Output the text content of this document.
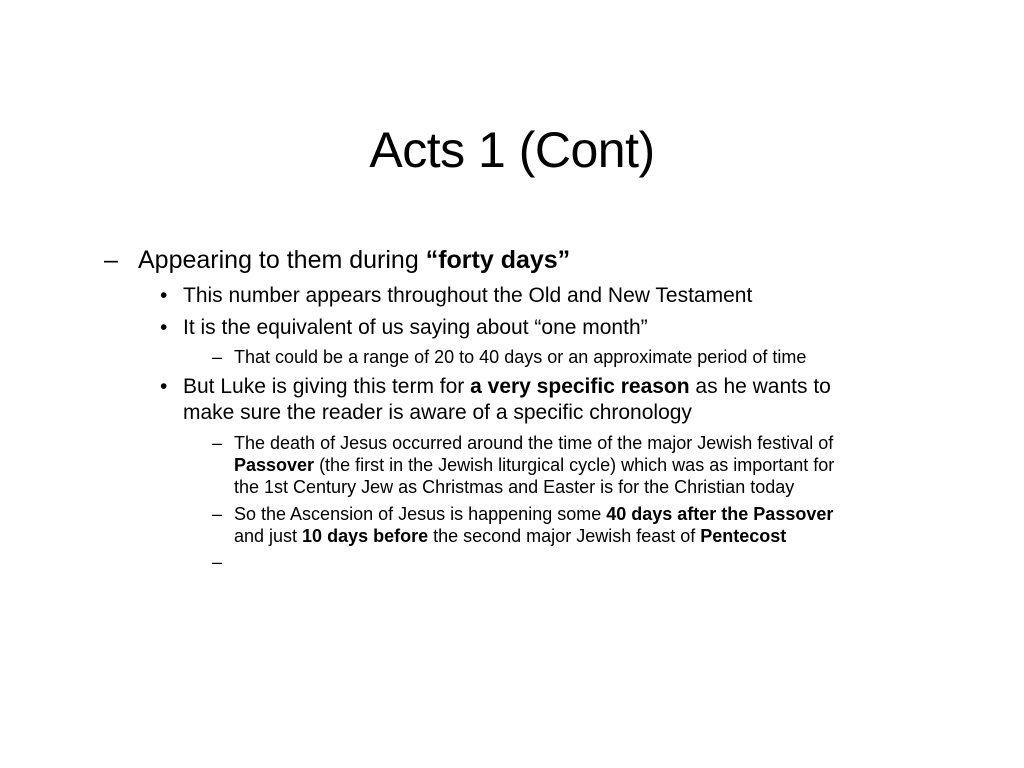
Acts 1 (Cont)
– Appearing to them during “forty days”
• This number appears throughout the Old and New Testament
• It is the equivalent of us saying about “one month”
– That could be a range of 20 to 40 days or an approximate period of time
• But Luke is giving this term for a very specific reason as he wants to
make sure the reader is aware of a specific chronology
– The death of Jesus occurred around the time of the major Jewish festival of
Passover (the first in the Jewish liturgical cycle) which was as important for
the 1st Century Jew as Christmas and Easter is for the Christian today
– So the Ascension of Jesus is happening some 40 days after the Passover
and just 10 days before the second major Jewish feast of Pentecost
–
